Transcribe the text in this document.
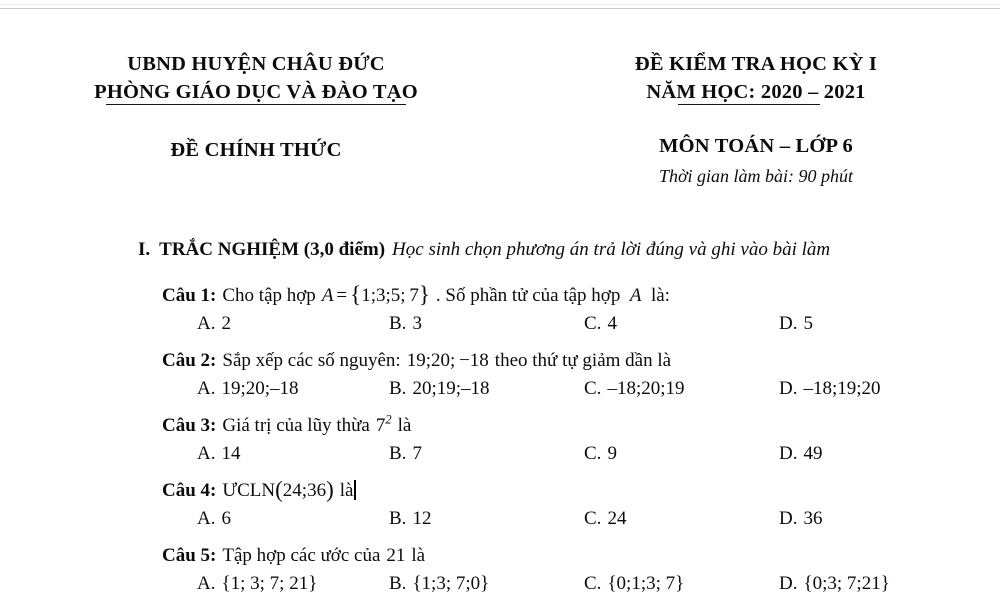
UBND HUYỆN CHÂU ĐỨC
PHÒNG GIÁO DỤC VÀ ĐÀO TẠO
ĐỀ CHÍNH THỨC
ĐỀ KIỂM TRA HỌC KỲ I
NĂM HỌC: 2020 – 2021
MÔN TOÁN – LỚP 6
Thời gian làm bài: 90 phút
I. TRẮC NGHIỆM (3,0 điểm) Học sinh chọn phương án trả lời đúng và ghi vào bài làm
Câu 1: Cho tập hợp A = {1;3;5; 7} . Số phần tử của tập hợp  A  là:
A. 2	B. 3	C. 4	D. 5
Câu 2: Sắp xếp các số nguyên: 19;20; −18 theo thứ tự giảm dần là
A. 19;20;–18	B. 20;19;–18	C. –18;20;19	D. –18;19;20
Câu 3: Giá trị của lũy thừa $7^2$ là
A. 14	B. 7	C. 9	D. 49
Câu 4: ƯCLN (24;36) là
A. 6	B. 12	C. 24	D. 36
Câu 5: Tập hợp các ước của 21 là
A. {1; 3; 7; 21}	B. {1;3; 7;0}	C. {0;1;3; 7}	D. {0;3; 7;21}
